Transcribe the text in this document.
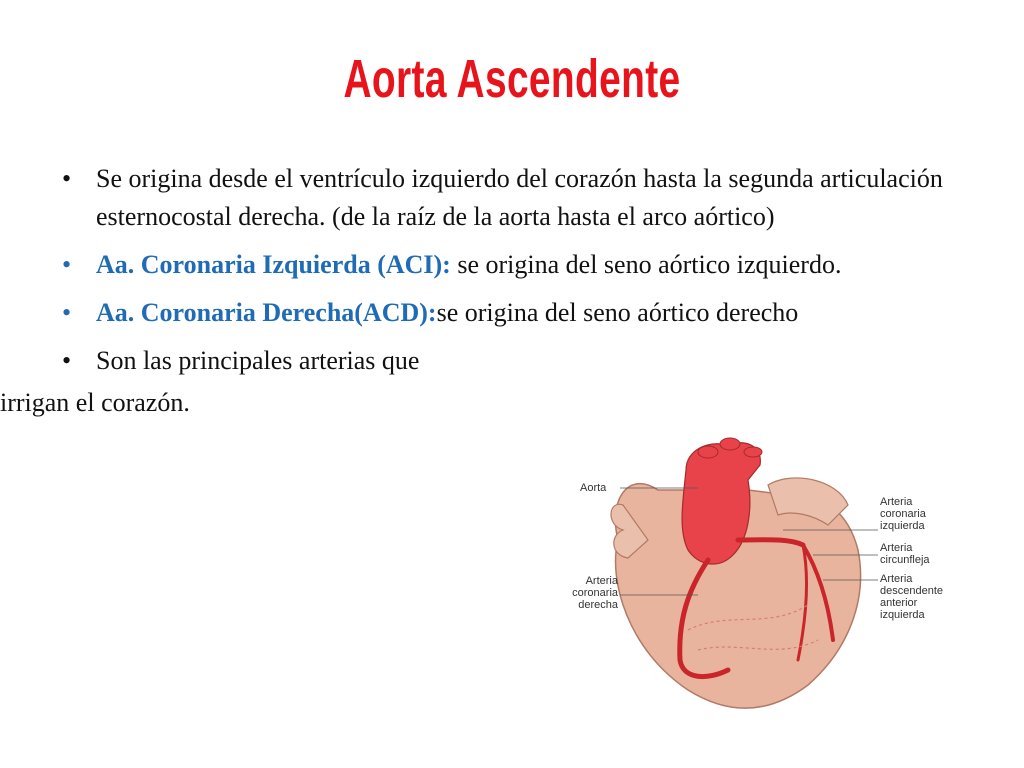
Aorta Ascendente
• Se origina desde el ventrículo izquierdo del corazón hasta la segunda articulación esternocostal derecha. (de la raíz de la aorta hasta el arco aórtico)
• Aa. Coronaria Izquierda (ACI): se origina del seno aórtico izquierdo.
• Aa. Coronaria Derecha(ACD):se origina del seno aórtico derecho
• Son las principales arterias que
irrigan el corazón.
Aorta
Arteria
coronaria
izquierda
Arteria
circunfleja
Arteria
descendente
anterior
izquierda
Arteria
coronaria
derecha
